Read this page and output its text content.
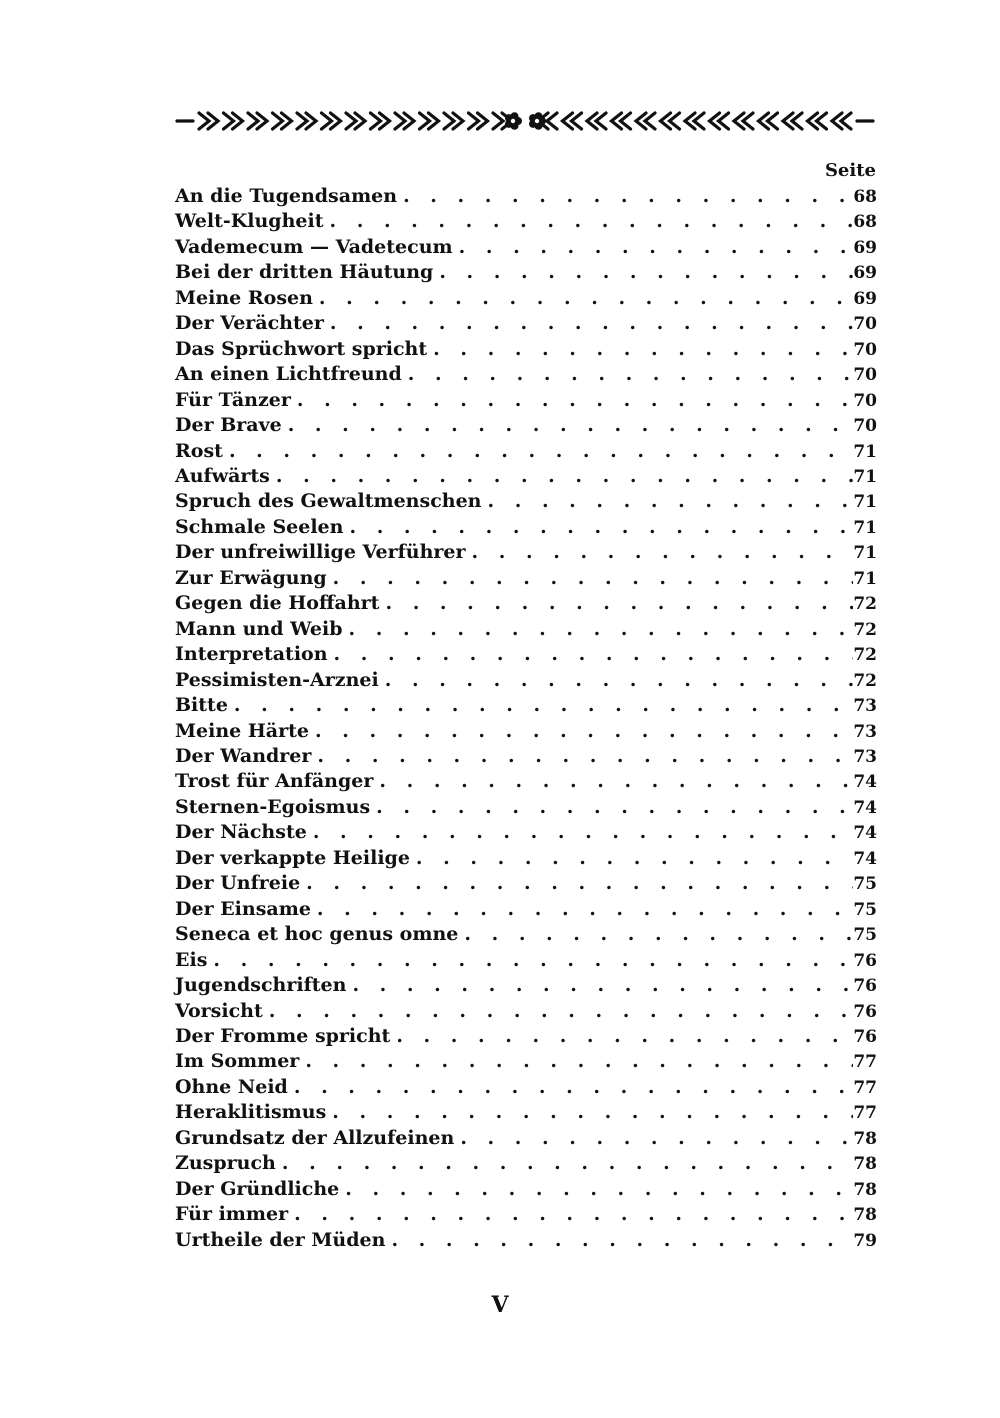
Seite
An die Tugendsamen . . .	68
Welt-Klugheit . . .	68
Vademecum — Vadetecum . . .	69
Bei der dritten Häutung . . .	69
Meine Rosen . . .	69
Der Verächter . . .	70
Das Sprüchwort spricht . . .	70
An einen Lichtfreund . . .	70
Für Tänzer . . .	70
Der Brave . . .	70
Rost . . .	71
Aufwärts . . .	71
Spruch des Gewaltmenschen . . .	71
Schmale Seelen . . .	71
Der unfreiwillige Verführer . . .	71
Zur Erwägung . . .	71
Gegen die Hoffahrt . . .	72
Mann und Weib . . .	72
Interpretation . . .	72
Pessimisten-Arznei . . .	72
Bitte . . .	73
Meine Härte . . .	73
Der Wandrer . . .	73
Trost für Anfänger . . .	74
Sternen-Egoismus . . .	74
Der Nächste . . .	74
Der verkappte Heilige . . .	74
Der Unfreie . . .	75
Der Einsame . . .	75
Seneca et hoc genus omne . . .	75
Eis . . .	76
Jugendschriften . . .	76
Vorsicht . . .	76
Der Fromme spricht . . .	76
Im Sommer . . .	77
Ohne Neid . . .	77
Heraklitismus . . .	77
Grundsatz der Allzufeinen . . .	78
Zuspruch . . .	78
Der Gründliche . . .	78
Für immer . . .	78
Urtheile der Müden . . .	79
V
